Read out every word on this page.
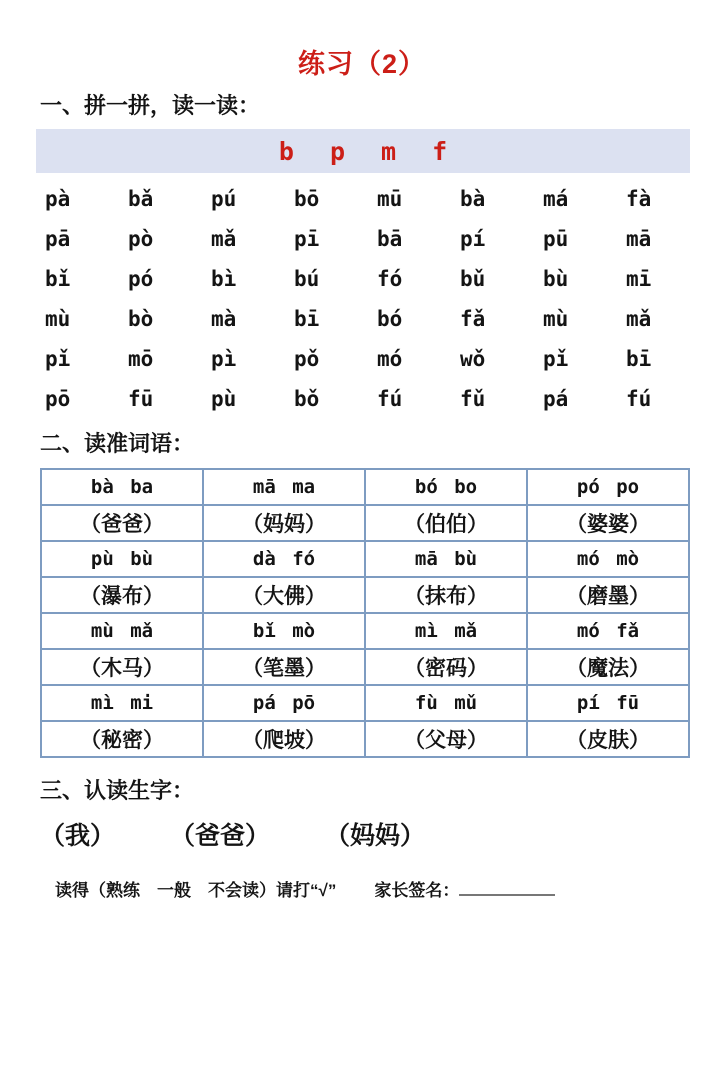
练习（2）
一、拼一拼，读一读：
b p m f
pà	bǎ	pú	bō	mū	bà	má	fà
pā	pò	mǎ	pī	bā	pí	pū	mā
bǐ	pó	bì	bú	fó	bǔ	bù	mī
mù	bò	mà	bī	bó	fǎ	mù	mǎ
pǐ	mō	pì	pǒ	mó	wǒ	pǐ	bī
pō	fū	pù	bǒ	fú	fǔ	pá	fú
二、读准词语：
bà ba	mā ma	bó bo	pó po
（爸爸）	（妈妈）	（伯伯）	（婆婆）
pù bù	dà fó	mā bù	mó mò
（瀑布）	（大佛）	（抹布）	（磨墨）
mù mǎ	bǐ mò	mì mǎ	mó fǎ
（木马）	（笔墨）	（密码）	（魔法）
mì mi	pá pō	fù mǔ	pí fū
（秘密）	（爬坡）	（父母）	（皮肤）
三、认读生字：
（我） （爸爸） （妈妈）
读得（熟练　一般　不会读）请打“√” 家长签名：
